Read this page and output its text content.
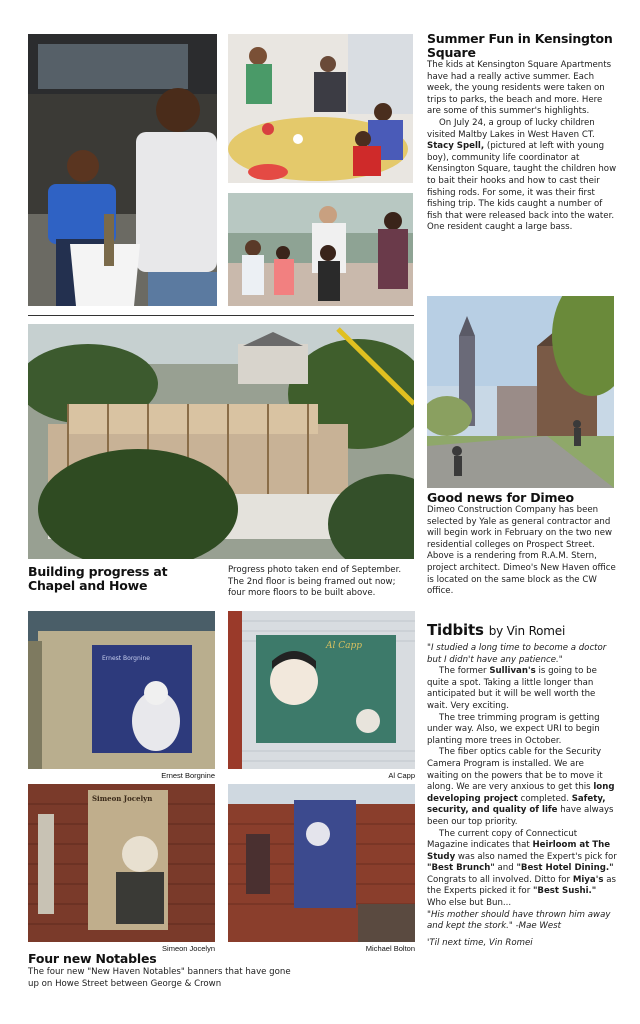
Summer Fun in Kensington Square

The kids at Kensington Square Apartments have had a really active summer. Each week, the young residents were taken on trips to parks, the beach and more. Here are some of this summer's highlights.

On July 24, a group of lucky children visited Maltby Lakes in West Haven CT. Stacy Spell, (pictured at left with young boy), community life coordinator at Kensington Square, taught the children how to bait their hooks and how to cast their fishing rods. For some, it was their first fishing trip. The kids caught a number of fish that were released back into the water. One resident caught a large bass.

Building progress at Chapel and Howe
Progress photo taken end of September. The 2nd floor is being framed out now; four more floors to be built above.
Good news for Dimeo

Dimeo Construction Company has been selected by Yale as general contractor and will begin work in February on the two new residential colleges on Prospect Street. Above is a rendering from R.A.M. Stern, project architect. Dimeo's New Haven office is located on the same block as the CW office.

Ernest Borgnine
Ernest Borgnine
Al Capp
Al Capp
Simeon Jocelyn
Simeon Jocelyn	Michael Bolton
Four new Notables
The four new "New Haven Notables" banners that have gone up on Howe Street between George & Crown
Tidbits by Vin Romei

"I studied a long time to become a doctor but I didn't have any patience."

The former Sullivan's is going to be quite a spot. Taking a little longer than anticipated but it will be well worth the wait. Very exciting.

The tree trimming program is getting under way. Also, we expect URI to begin planting more trees in October.

The fiber optics cable for the Security Camera Program is installed. We are waiting on the powers that be to move it along. We are very anxious to get this long developing project completed. Safety, security, and quality of life have always been our top priority.

The current copy of Connecticut Magazine indicates that Heirloom at The Study was also named the Expert's pick for "Best Brunch" and "Best Hotel Dining." Congrats to all involved. Ditto for Miya's as the Experts picked it for "Best Sushi." Who else but Bun...

"His mother should have thrown him away and kept the stork." -Mae West

'Til next time, Vin Romei
